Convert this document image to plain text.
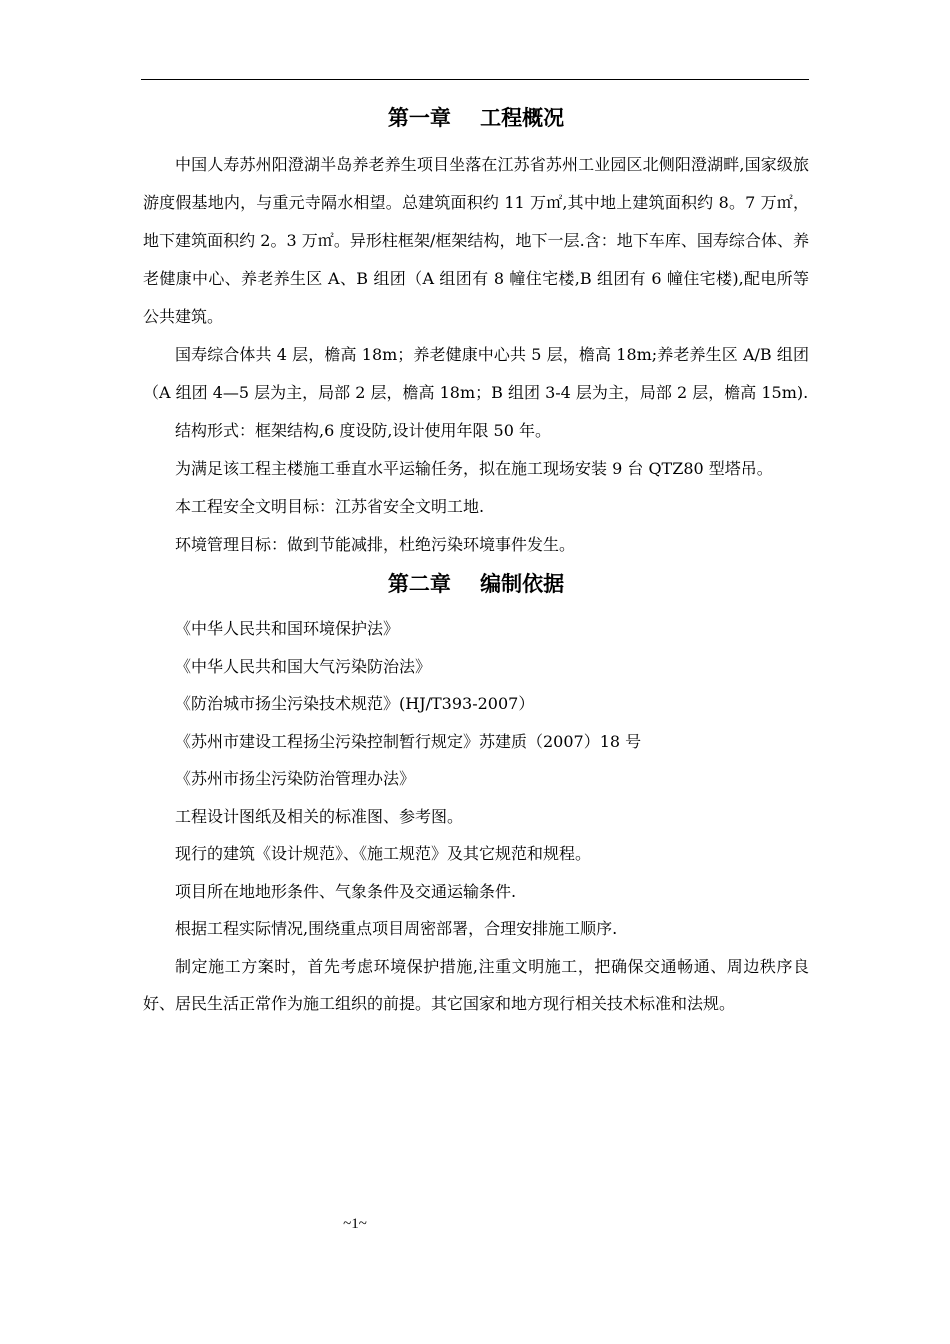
第一章    工程概况

中国人寿苏州阳澄湖半岛养老养生项目坐落在江苏省苏州工业园区北侧阳澄湖畔,国家级旅游度假基地内，与重元寺隔水相望。总建筑面积约 11 万㎡,其中地上建筑面积约 8。7 万㎡，地下建筑面积约 2。3 万㎡。异形柱框架/框架结构，地下一层.含：地下车库、国寿综合体、养老健康中心、养老养生区 A、B 组团（A 组团有 8 幢住宅楼,B 组团有 6 幢住宅楼),配电所等公共建筑。

国寿综合体共 4 层，檐高 18m；养老健康中心共 5 层，檐高 18m;养老养生区 A/B 组团（A 组团 4—5 层为主，局部 2 层，檐高 18m；B 组团 3-4 层为主，局部 2 层，檐高 15m).

结构形式：框架结构,6 度设防,设计使用年限 50 年。

为满足该工程主楼施工垂直水平运输任务，拟在施工现场安装 9 台 QTZ80 型塔吊。

本工程安全文明目标：江苏省安全文明工地.

环境管理目标：做到节能减排，杜绝污染环境事件发生。

第二章    编制依据

《中华人民共和国环境保护法》

《中华人民共和国大气污染防治法》

《防治城市扬尘污染技术规范》(HJ/T393-2007）

《苏州市建设工程扬尘污染控制暂行规定》苏建质（2007）18 号

《苏州市扬尘污染防治管理办法》

工程设计图纸及相关的标准图、参考图。

现行的建筑《设计规范》、《施工规范》及其它规范和规程。

项目所在地地形条件、气象条件及交通运输条件.

根据工程实际情况,围绕重点项目周密部署，合理安排施工顺序.

制定施工方案时，首先考虑环境保护措施,注重文明施工，把确保交通畅通、周边秩序良好、居民生活正常作为施工组织的前提。其它国家和地方现行相关技术标准和法规。

~1~
